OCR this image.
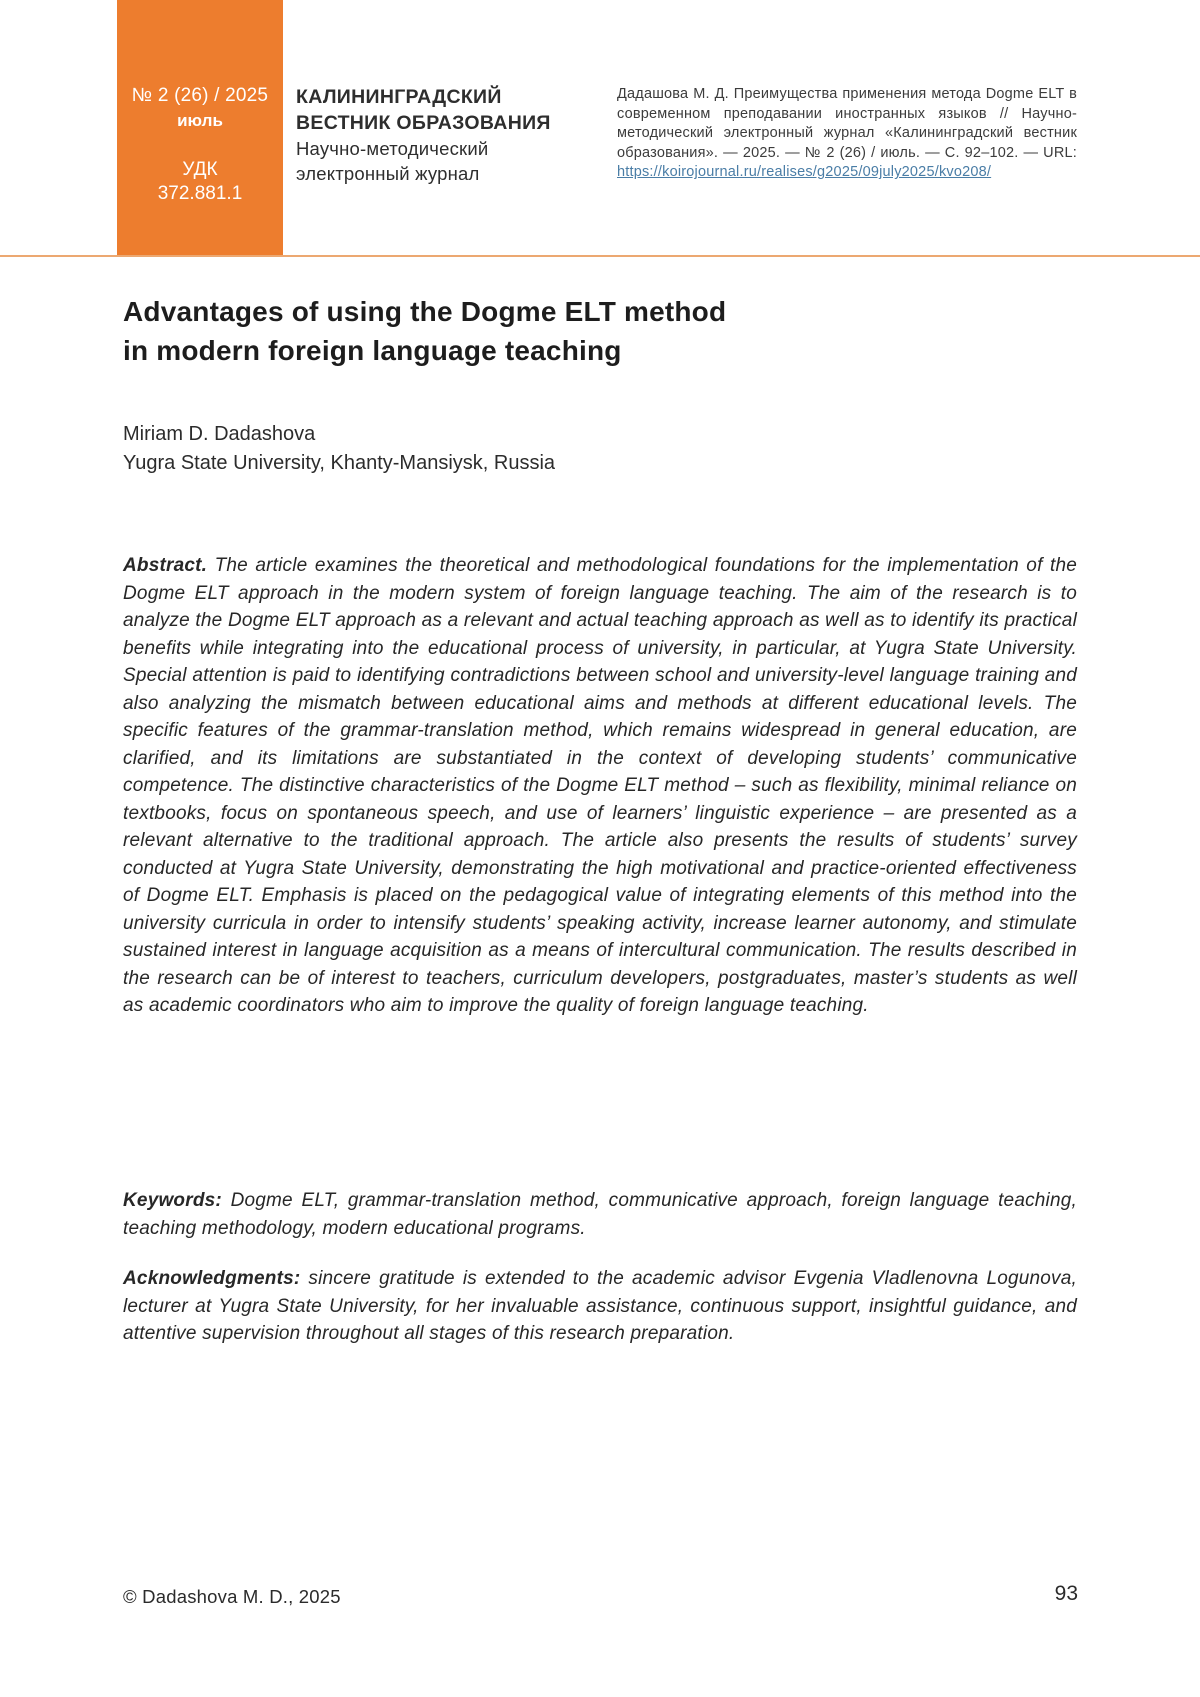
№ 2 (26) / 2025
июль
УДК
372.881.1
КАЛИНИНГРАДСКИЙ
ВЕСТНИК ОБРАЗОВАНИЯ
Научно-методический
электронный журнал
Дадашова М. Д. Преимущества применения метода Dogme ELT в современном преподавании иностранных языков // Научно-методический электронный журнал «Калининградский вестник образования». — 2025. — № 2 (26) / июль. — С. 92–102. — URL: https://koirojournal.ru/realises/g2025/09july2025/kvo208/
Advantages of using the Dogme ELT method
in modern foreign language teaching
Miriam D. Dadashova
Yugra State University, Khanty-Mansiysk, Russia

Abstract. The article examines the theoretical and methodological foundations for the implementation of the Dogme ELT approach in the modern system of foreign language teaching. The aim of the research is to analyze the Dogme ELT approach as a relevant and actual teaching approach as well as to identify its practical benefits while integrating into the educational process of university, in particular, at Yugra State University. Special attention is paid to identifying contradictions between school and university-level language training and also analyzing the mismatch between educational aims and methods at different educational levels. The specific features of the grammar-translation method, which remains widespread in general education, are clarified, and its limitations are substantiated in the context of developing students’ communicative competence. The distinctive characteristics of the Dogme ELT method – such as flexibility, minimal reliance on textbooks, focus on spontaneous speech, and use of learners’ linguistic experience – are presented as a relevant alternative to the traditional approach. The article also presents the results of students’ survey conducted at Yugra State University, demonstrating the high motivational and practice-oriented effectiveness of Dogme ELT. Emphasis is placed on the pedagogical value of integrating elements of this method into the university curricula in order to intensify students’ speaking activity, increase learner autonomy, and stimulate sustained interest in language acquisition as a means of intercultural communication. The results described in the research can be of interest to teachers, curriculum developers, postgraduates, master’s students as well as academic coordinators who aim to improve the quality of foreign language teaching.

Keywords: Dogme ELT, grammar-translation method, communicative approach, foreign language teaching, teaching methodology, modern educational programs.

Acknowledgments: sincere gratitude is extended to the academic advisor Evgenia Vladlenovna Logunova, lecturer at Yugra State University, for her invaluable assistance, continuous support, insightful guidance, and attentive supervision throughout all stages of this research preparation.

© Dadashova M. D., 2025	93
